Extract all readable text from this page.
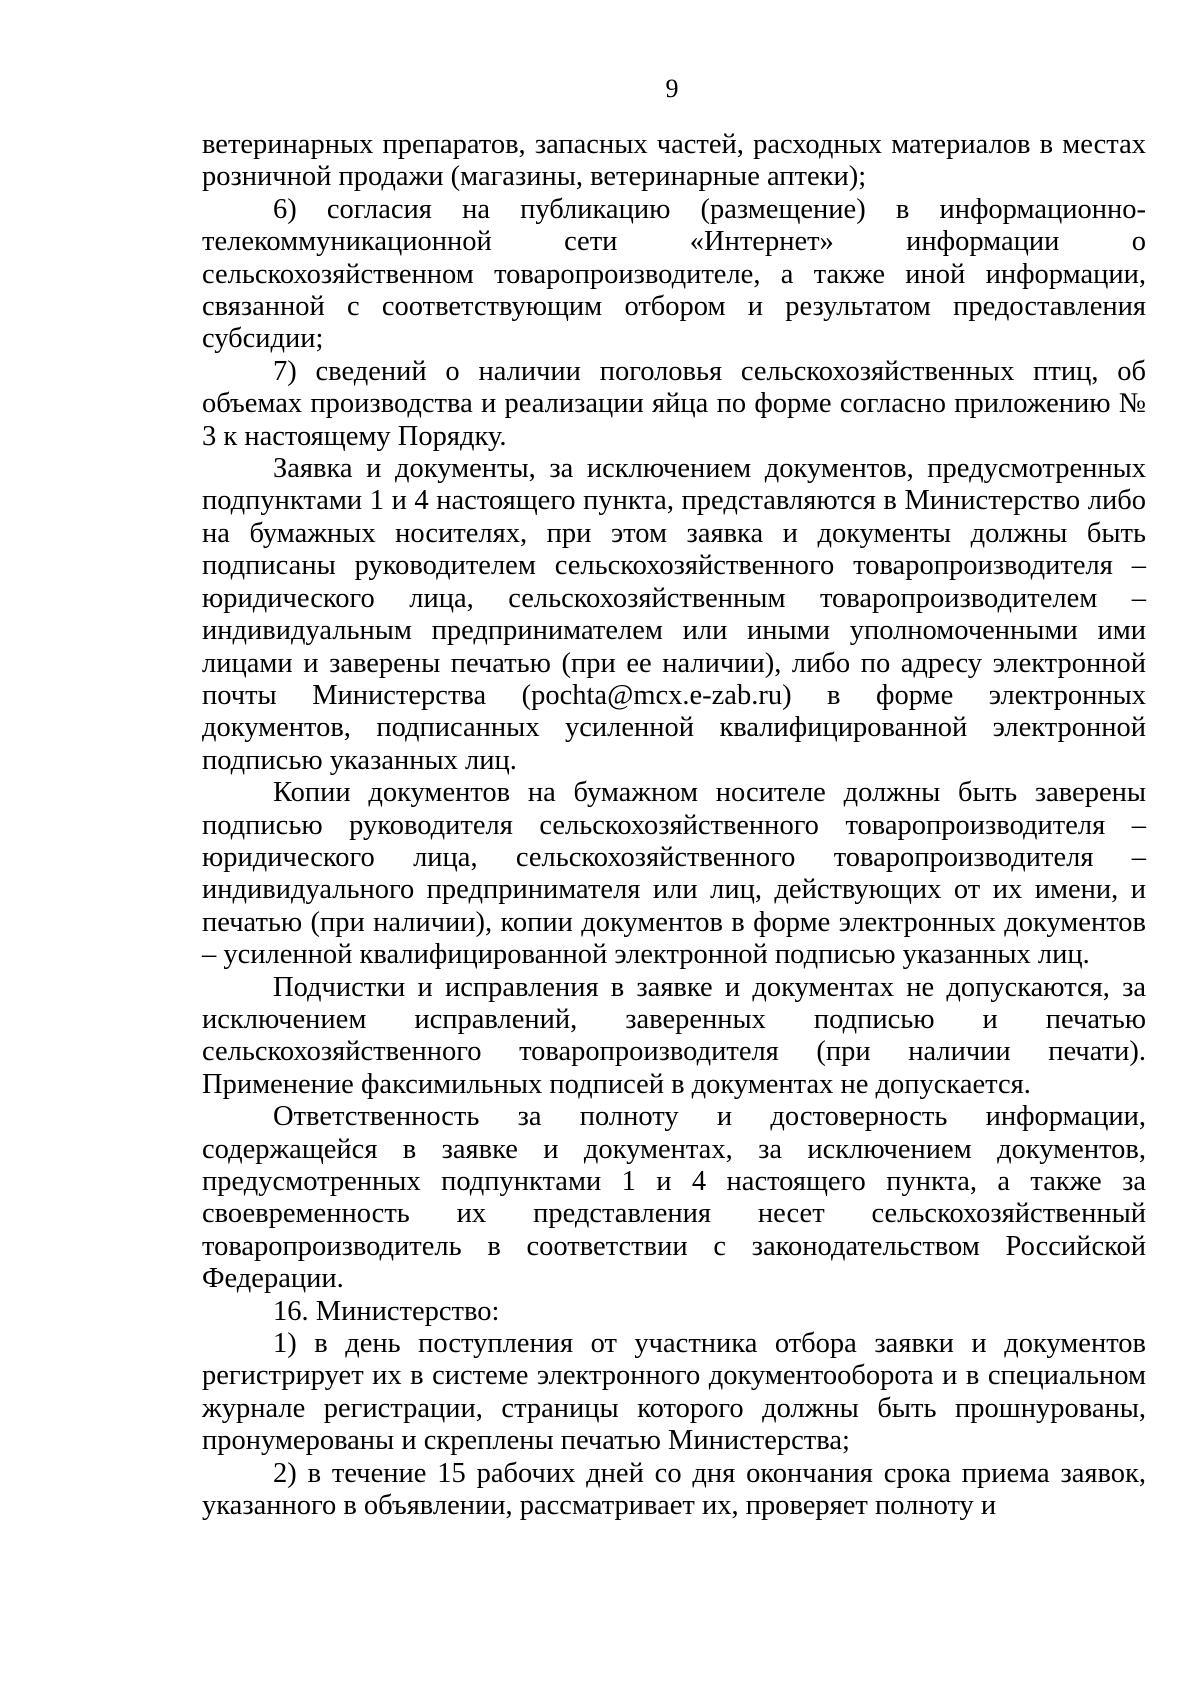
9

ветеринарных препаратов, запасных частей, расходных материалов в местах розничной продажи (магазины, ветеринарные аптеки);

6) согласия на публикацию (размещение) в информационно-телекоммуникационной сети «Интернет» информации о сельскохозяйственном товаропроизводителе, а также иной информации, связанной с соответствующим отбором и результатом предоставления субсидии;

7) сведений о наличии поголовья сельскохозяйственных птиц, об объемах производства и реализации яйца по форме согласно приложению № 3 к настоящему Порядку.

Заявка и документы, за исключением документов, предусмотренных подпунктами 1 и 4 настоящего пункта, представляются в Министерство либо на бумажных носителях, при этом заявка и документы должны быть подписаны руководителем сельскохозяйственного товаропроизводителя – юридического лица, сельскохозяйственным товаропроизводителем – индивидуальным предпринимателем или иными уполномоченными ими лицами и заверены печатью (при ее наличии), либо по адресу электронной почты Министерства (pochta@mcx.e-zab.ru) в форме электронных документов, подписанных усиленной квалифицированной электронной подписью указанных лиц.

Копии документов на бумажном носителе должны быть заверены подписью руководителя сельскохозяйственного товаропроизводителя – юридического лица, сельскохозяйственного товаропроизводителя – индивидуального предпринимателя или лиц, действующих от их имени, и печатью (при наличии), копии документов в форме электронных документов – усиленной квалифицированной электронной подписью указанных лиц.

Подчистки и исправления в заявке и документах не допускаются, за исключением исправлений, заверенных подписью и печатью сельскохозяйственного товаропроизводителя (при наличии печати). Применение факсимильных подписей в документах не допускается.

Ответственность за полноту и достоверность информации, содержащейся в заявке и документах, за исключением документов, предусмотренных подпунктами 1 и 4 настоящего пункта, а также за своевременность их представления несет сельскохозяйственный товаропроизводитель в соответствии с законодательством Российской Федерации.

16. Министерство:

1) в день поступления от участника отбора заявки и документов регистрирует их в системе электронного документооборота и в специальном журнале регистрации, страницы которого должны быть прошнурованы, пронумерованы и скреплены печатью Министерства;

2) в течение 15 рабочих дней со дня окончания срока приема заявок, указанного в объявлении, рассматривает их, проверяет полноту и
